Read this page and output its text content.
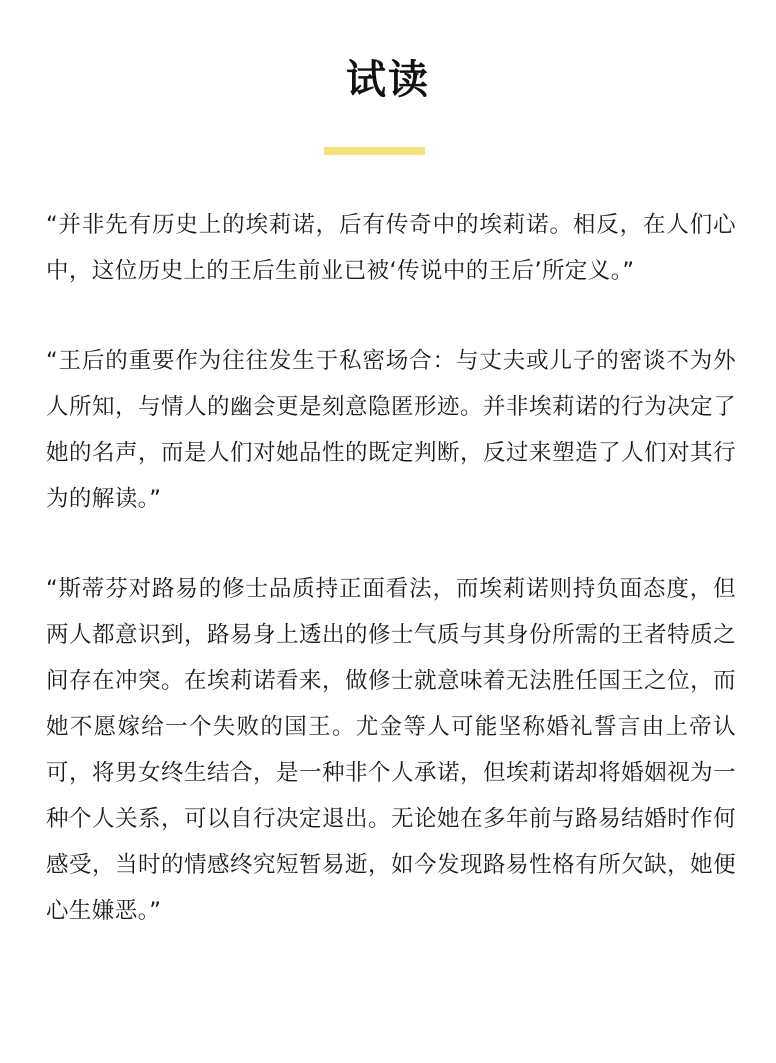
试读

“并非先有历史上的埃莉诺，后有传奇中的埃莉诺。相反，在人们心中，这位历史上的王后生前业已被‘传说中的王后’所定义。”

“王后的重要作为往往发生于私密场合：与丈夫或儿子的密谈不为外人所知，与情人的幽会更是刻意隐匿形迹。并非埃莉诺的行为决定了她的名声，而是人们对她品性的既定判断，反过来塑造了人们对其行为的解读。”

“斯蒂芬对路易的修士品质持正面看法，而埃莉诺则持负面态度，但两人都意识到，路易身上透出的修士气质与其身份所需的王者特质之间存在冲突。在埃莉诺看来，做修士就意味着无法胜任国王之位，而她不愿嫁给一个失败的国王。尤金等人可能坚称婚礼誓言由上帝认可，将男女终生结合，是一种非个人承诺，但埃莉诺却将婚姻视为一种个人关系，可以自行决定退出。无论她在多年前与路易结婚时作何感受，当时的情感终究短暂易逝，如今发现路易性格有所欠缺，她便心生嫌恶。”
